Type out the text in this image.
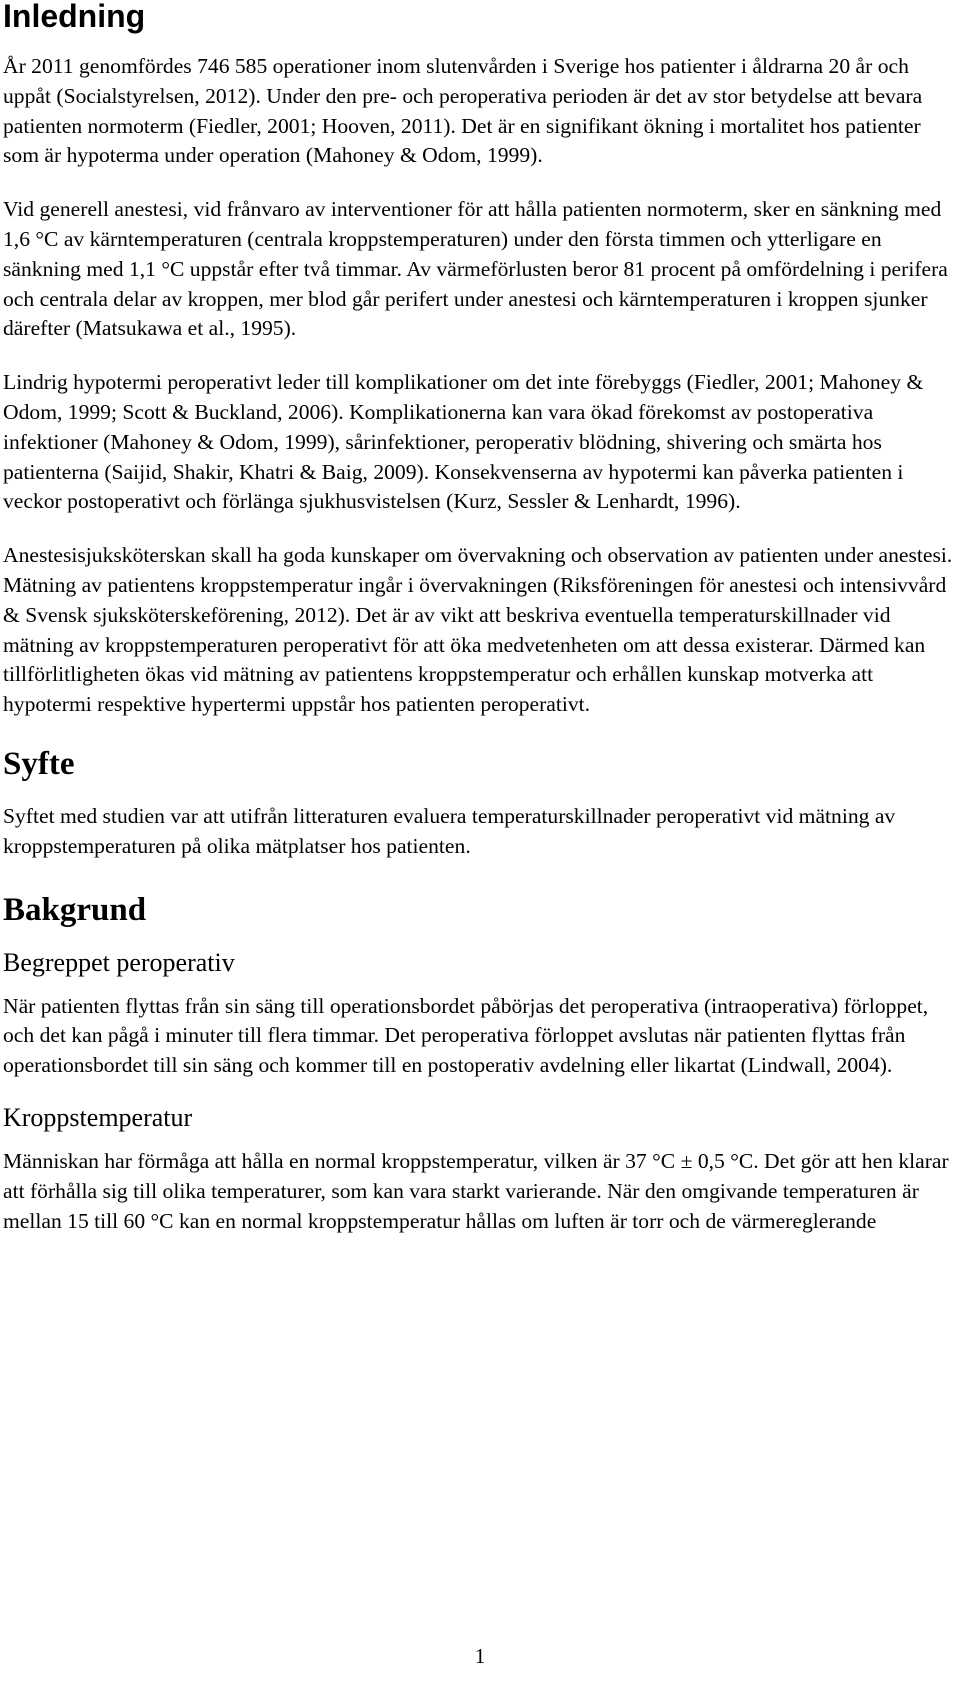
Inledning

År 2011 genomfördes 746 585 operationer inom slutenvården i Sverige hos patienter i åldrarna 20 år och uppåt (Socialstyrelsen, 2012). Under den pre- och peroperativa perioden är det av stor betydelse att bevara patienten normoterm (Fiedler, 2001; Hooven, 2011). Det är en signifikant ökning i mortalitet hos patienter som är hypoterma under operation (Mahoney & Odom, 1999).

Vid generell anestesi, vid frånvaro av interventioner för att hålla patienten normoterm, sker en sänkning med 1,6 °C av kärntemperaturen (centrala kroppstemperaturen) under den första timmen och ytterligare en sänkning med 1,1 °C uppstår efter två timmar. Av värmeförlusten beror 81 procent på omfördelning i perifera och centrala delar av kroppen, mer blod går perifert under anestesi och kärntemperaturen i kroppen sjunker därefter (Matsukawa et al., 1995).

Lindrig hypotermi peroperativt leder till komplikationer om det inte förebyggs (Fiedler, 2001; Mahoney & Odom, 1999; Scott & Buckland, 2006). Komplikationerna kan vara ökad förekomst av postoperativa infektioner (Mahoney & Odom, 1999), sårinfektioner, peroperativ blödning, shivering och smärta hos patienterna (Saijid, Shakir, Khatri & Baig, 2009). Konsekvenserna av hypotermi kan påverka patienten i veckor postoperativt och förlänga sjukhusvistelsen (Kurz, Sessler & Lenhardt, 1996).

Anestesisjuksköterskan skall ha goda kunskaper om övervakning och observation av patienten under anestesi. Mätning av patientens kroppstemperatur ingår i övervakningen (Riksföreningen för anestesi och intensivvård & Svensk sjuksköterskeförening, 2012). Det är av vikt att beskriva eventuella temperaturskillnader vid mätning av kroppstemperaturen peroperativt för att öka medvetenheten om att dessa existerar. Därmed kan tillförlitligheten ökas vid mätning av patientens kroppstemperatur och erhållen kunskap motverka att hypotermi respektive hypertermi uppstår hos patienten peroperativt.

Syfte

Syftet med studien var att utifrån litteraturen evaluera temperaturskillnader peroperativt vid mätning av kroppstemperaturen på olika mätplatser hos patienten.

Bakgrund
Begreppet peroperativ

När patienten flyttas från sin säng till operationsbordet påbörjas det peroperativa (intraoperativa) förloppet, och det kan pågå i minuter till flera timmar. Det peroperativa förloppet avslutas när patienten flyttas från operationsbordet till sin säng och kommer till en postoperativ avdelning eller likartat (Lindwall, 2004).

Kroppstemperatur

Människan har förmåga att hålla en normal kroppstemperatur, vilken är 37 °C ± 0,5 °C. Det gör att hen klarar att förhålla sig till olika temperaturer, som kan vara starkt varierande. När den omgivande temperaturen är mellan 15 till 60 °C kan en normal kroppstemperatur hållas om luften är torr och de värmereglerande

1
